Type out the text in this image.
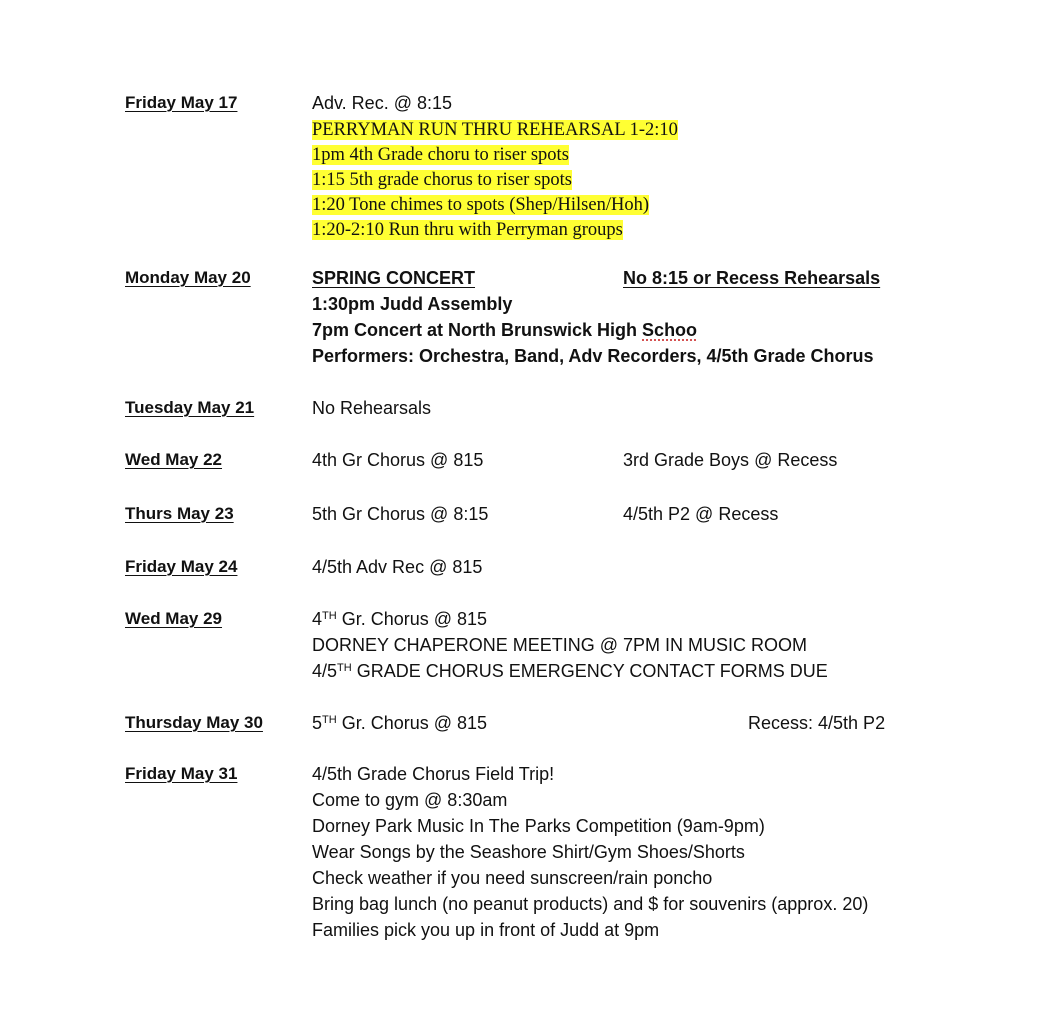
Friday May 17	Adv. Rec. @ 8:15
PERRYMAN RUN THRU REHEARSAL 1-2:10
1pm 4th Grade choru to riser spots
1:15 5th grade chorus to riser spots
1:20 Tone chimes to spots (Shep/Hilsen/Hoh)
1:20-2:10 Run thru with Perryman groups
Monday May 20	SPRING CONCERT	No 8:15 or Recess Rehearsals
1:30pm Judd Assembly
7pm Concert at North Brunswick High Schoo
Performers: Orchestra, Band, Adv Recorders, 4/5th Grade Chorus
Tuesday May 21	No Rehearsals
Wed May 22	4th Gr Chorus @ 815	3rd Grade Boys @ Recess
Thurs May 23	5th Gr Chorus @ 8:15	4/5th P2 @ Recess
Friday May 24	4/5th Adv Rec @ 815
Wed May 29	4TH Gr. Chorus @ 815
DORNEY CHAPERONE MEETING @ 7PM IN MUSIC ROOM
4/5TH GRADE CHORUS EMERGENCY CONTACT FORMS DUE
Thursday May 30	5TH Gr. Chorus @ 815	Recess: 4/5th P2
Friday May 31	4/5th Grade Chorus Field Trip!
Come to gym @ 8:30am
Dorney Park Music In The Parks Competition (9am-9pm)
Wear Songs by the Seashore Shirt/Gym Shoes/Shorts
Check weather if you need sunscreen/rain poncho
Bring bag lunch (no peanut products) and $ for souvenirs (approx. 20)
Families pick you up in front of Judd at 9pm
